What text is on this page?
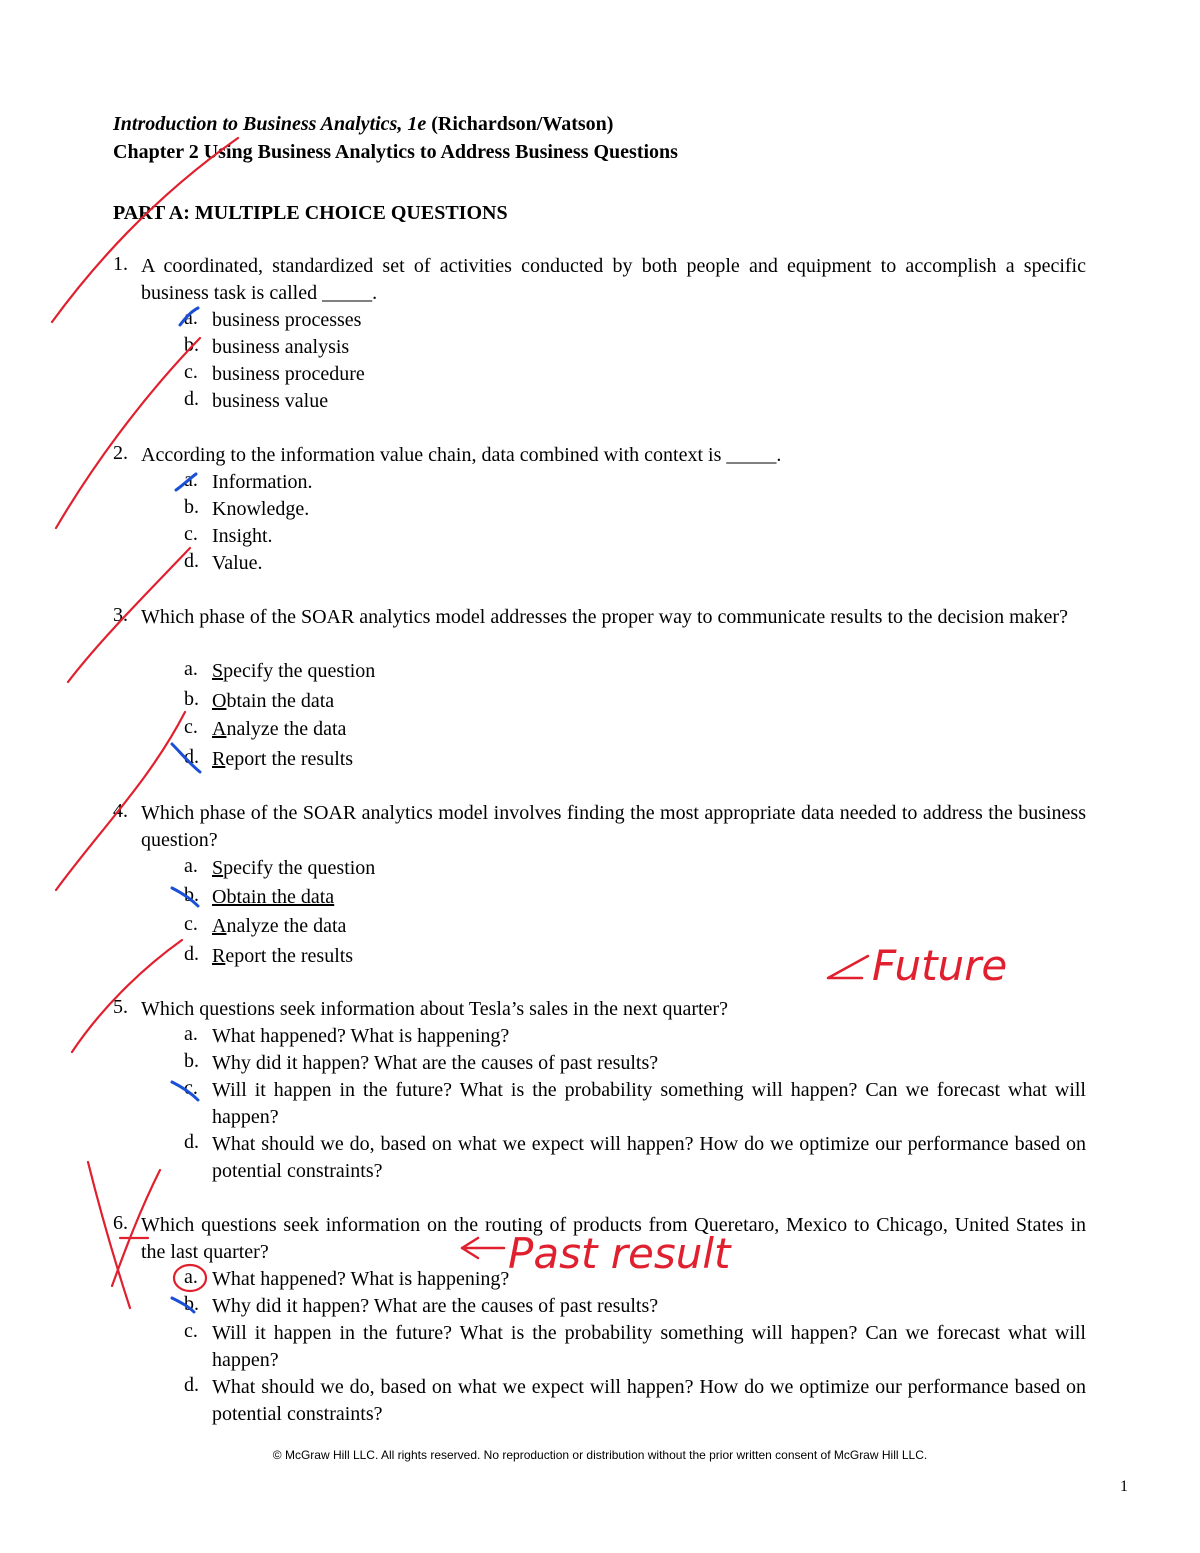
Introduction to Business Analytics, 1e (Richardson/Watson)
Chapter 2 Using Business Analytics to Address Business Questions
PART A: MULTIPLE CHOICE QUESTIONS
1. A coordinated, standardized set of activities conducted by both people and equipment to accomplish a specific business task is called _____.
a. business processes
b. business analysis
c. business procedure
d. business value
2. According to the information value chain, data combined with context is _____.
a. Information.
b. Knowledge.
c. Insight.
d. Value.
3. Which phase of the SOAR analytics model addresses the proper way to communicate results to the decision maker?
a. Specify the question
b. Obtain the data
c. Analyze the data
d. Report the results
4. Which phase of the SOAR analytics model involves finding the most appropriate data needed to address the business question?
a. Specify the question
b. Obtain the data
c. Analyze the data
d. Report the results
5. Which questions seek information about Tesla’s sales in the next quarter?
a. What happened? What is happening?
b. Why did it happen? What are the causes of past results?
c. Will it happen in the future? What is the probability something will happen? Can we forecast what will happen?
d. What should we do, based on what we expect will happen? How do we optimize our performance based on potential constraints?
6. Which questions seek information on the routing of products from Queretaro, Mexico to Chicago, United States in the last quarter?
a. What happened? What is happening?
b. Why did it happen? What are the causes of past results?
c. Will it happen in the future? What is the probability something will happen? Can we forecast what will happen?
d. What should we do, based on what we expect will happen? How do we optimize our performance based on potential constraints?
© McGraw Hill LLC. All rights reserved. No reproduction or distribution without the prior written consent of McGraw Hill LLC.
1
Future
Past result
